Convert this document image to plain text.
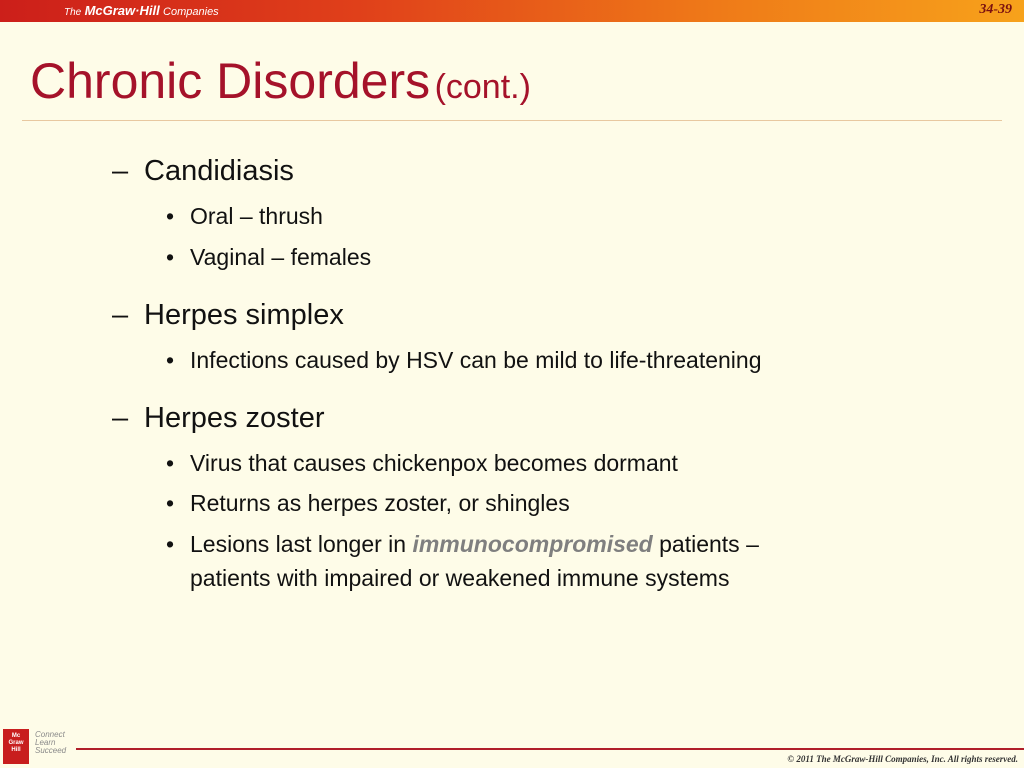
The McGraw·Hill Companies	34-39
Chronic Disorders (cont.)
– Candidiasis
• Oral – thrush
• Vaginal – females
– Herpes simplex
• Infections caused by HSV can be mild to life-threatening
– Herpes zoster
• Virus that causes chickenpox becomes dormant
• Returns as herpes zoster, or shingles
• Lesions last longer in immunocompromised patients –
patients with impaired or weakened immune systems
Mc
Graw
Hill
Connect
Learn
Succeed
© 2011 The McGraw-Hill Companies, Inc. All rights reserved.
